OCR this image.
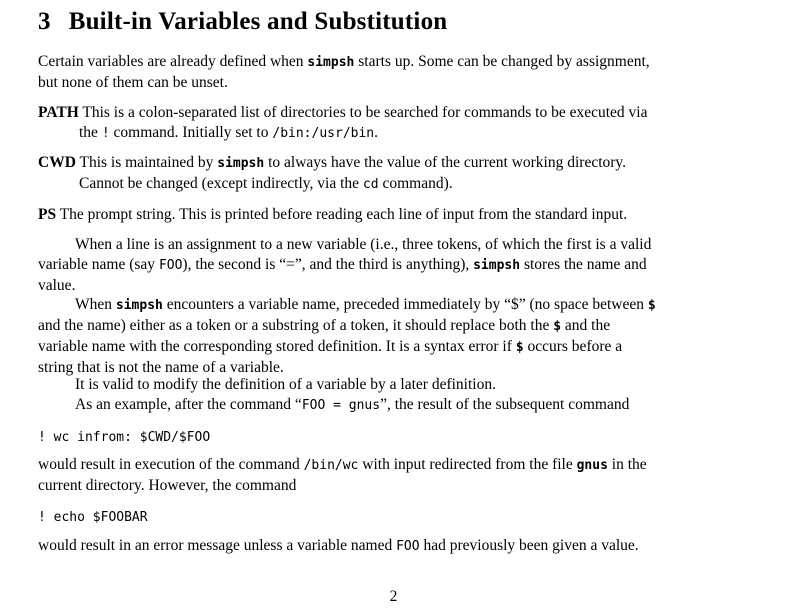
3 Built-in Variables and Substitution
Certain variables are already defined when simpsh starts up. Some can be changed by assignment,
but none of them can be unset.
PATH This is a colon-separated list of directories to be searched for commands to be executed via
the ! command. Initially set to /bin:/usr/bin.
CWD This is maintained by simpsh to always have the value of the current working directory.
Cannot be changed (except indirectly, via the cd command).
PS The prompt string. This is printed before reading each line of input from the standard input.
When a line is an assignment to a new variable (i.e., three tokens, of which the first is a valid
variable name (say FOO), the second is “=”, and the third is anything), simpsh stores the name and
value.
When simpsh encounters a variable name, preceded immediately by “$” (no space between $
and the name) either as a token or a substring of a token, it should replace both the $ and the
variable name with the corresponding stored definition. It is a syntax error if $ occurs before a
string that is not the name of a variable.
It is valid to modify the definition of a variable by a later definition.
As an example, after the command “FOO = gnus”, the result of the subsequent command
! wc infrom: $CWD/$FOO
would result in execution of the command /bin/wc with input redirected from the file gnus in the
current directory. However, the command
! echo $FOOBAR
would result in an error message unless a variable named FOO had previously been given a value.
2
